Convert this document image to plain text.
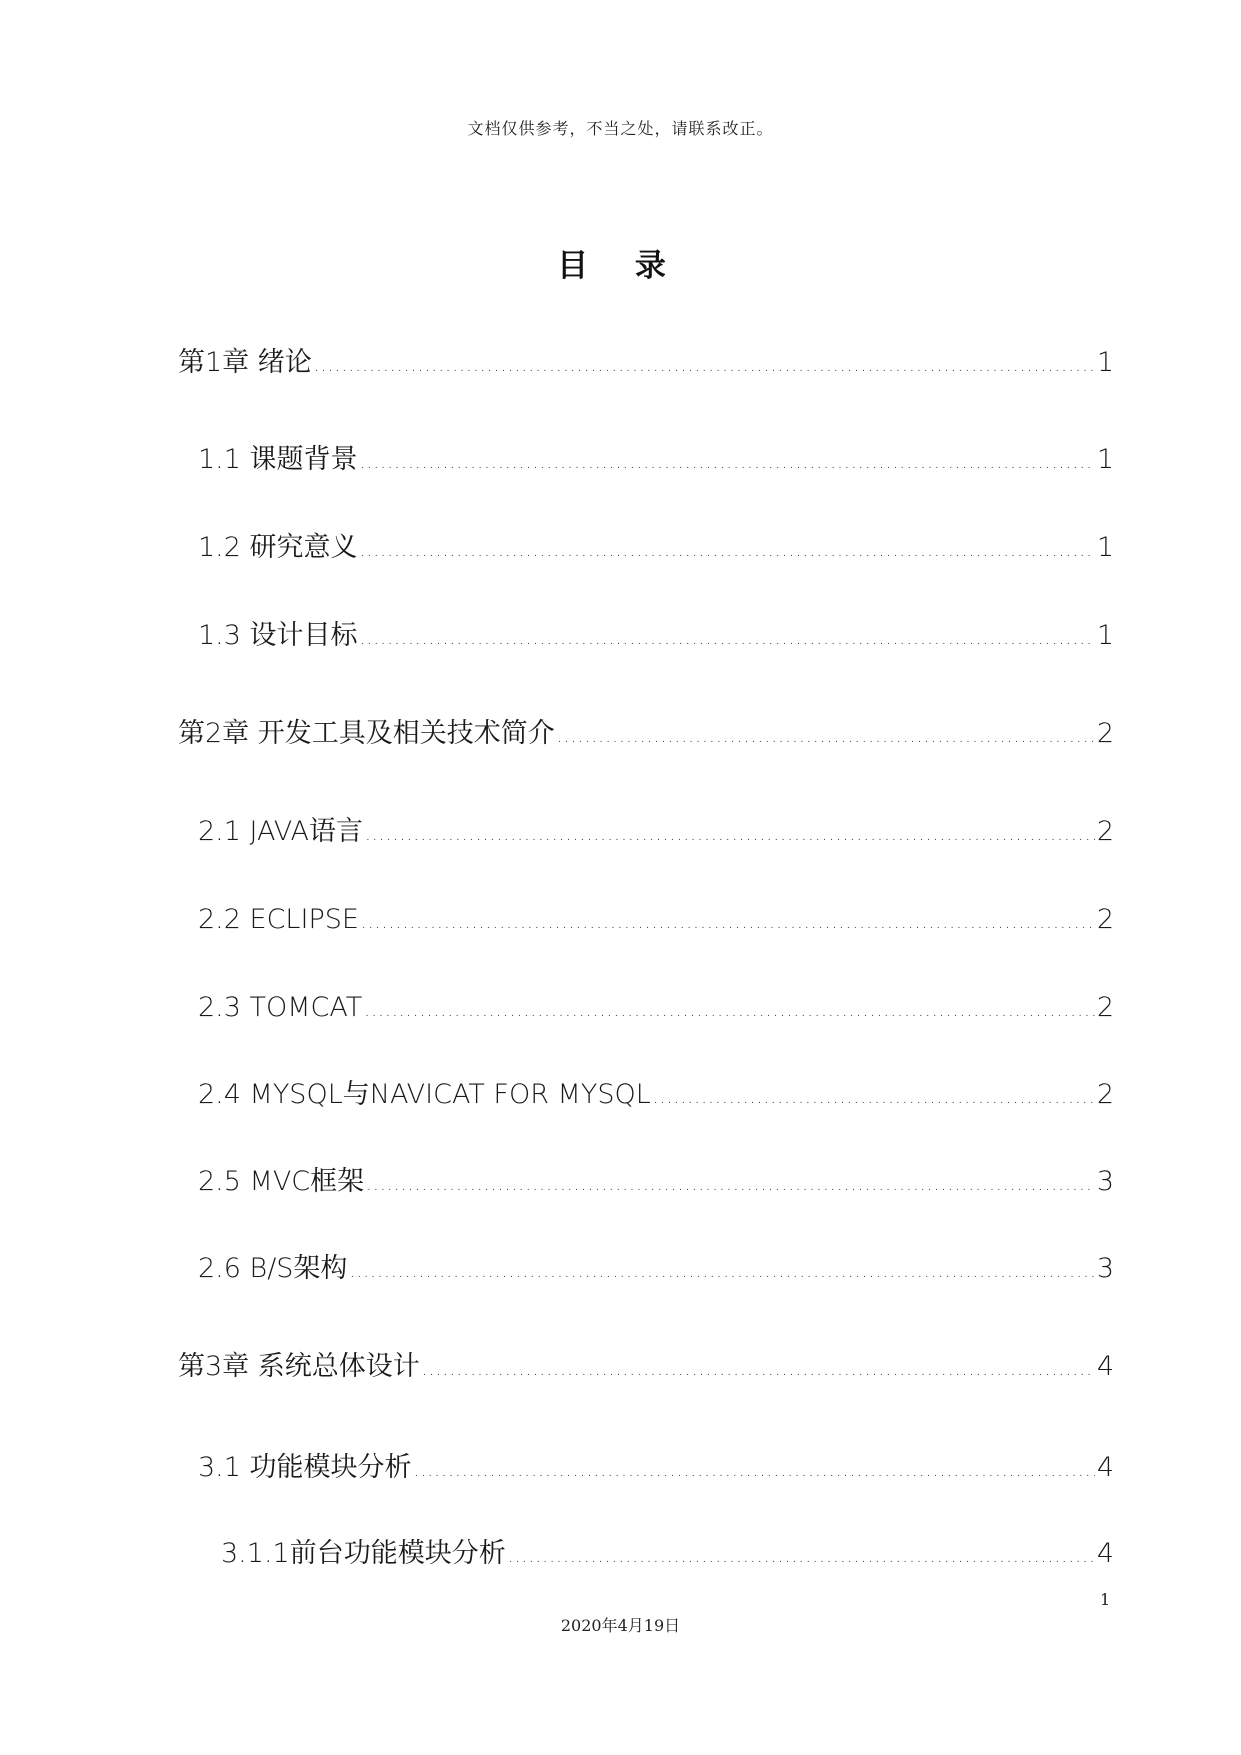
文档仅供参考，不当之处，请联系改正。
目 录
第1章 绪论 .....	1
1.1 课题背景 .....	1
1.2 研究意义 .....	1
1.3 设计目标 .....	1
第2章 开发工具及相关技术简介 .....	2
2.1 JAVA语言 .....	2
2.2 ECLIPSE .....	2
2.3 TOMCAT .....	2
2.4 MYSQL与NAVICAT FOR MYSQL .....	2
2.5 MVC框架 .....	3
2.6 B/S架构 .....	3
第3章 系统总体设计 .....	4
3.1 功能模块分析 .....	4
3.1.1前台功能模块分析 .....	4
1
2020年4月19日
